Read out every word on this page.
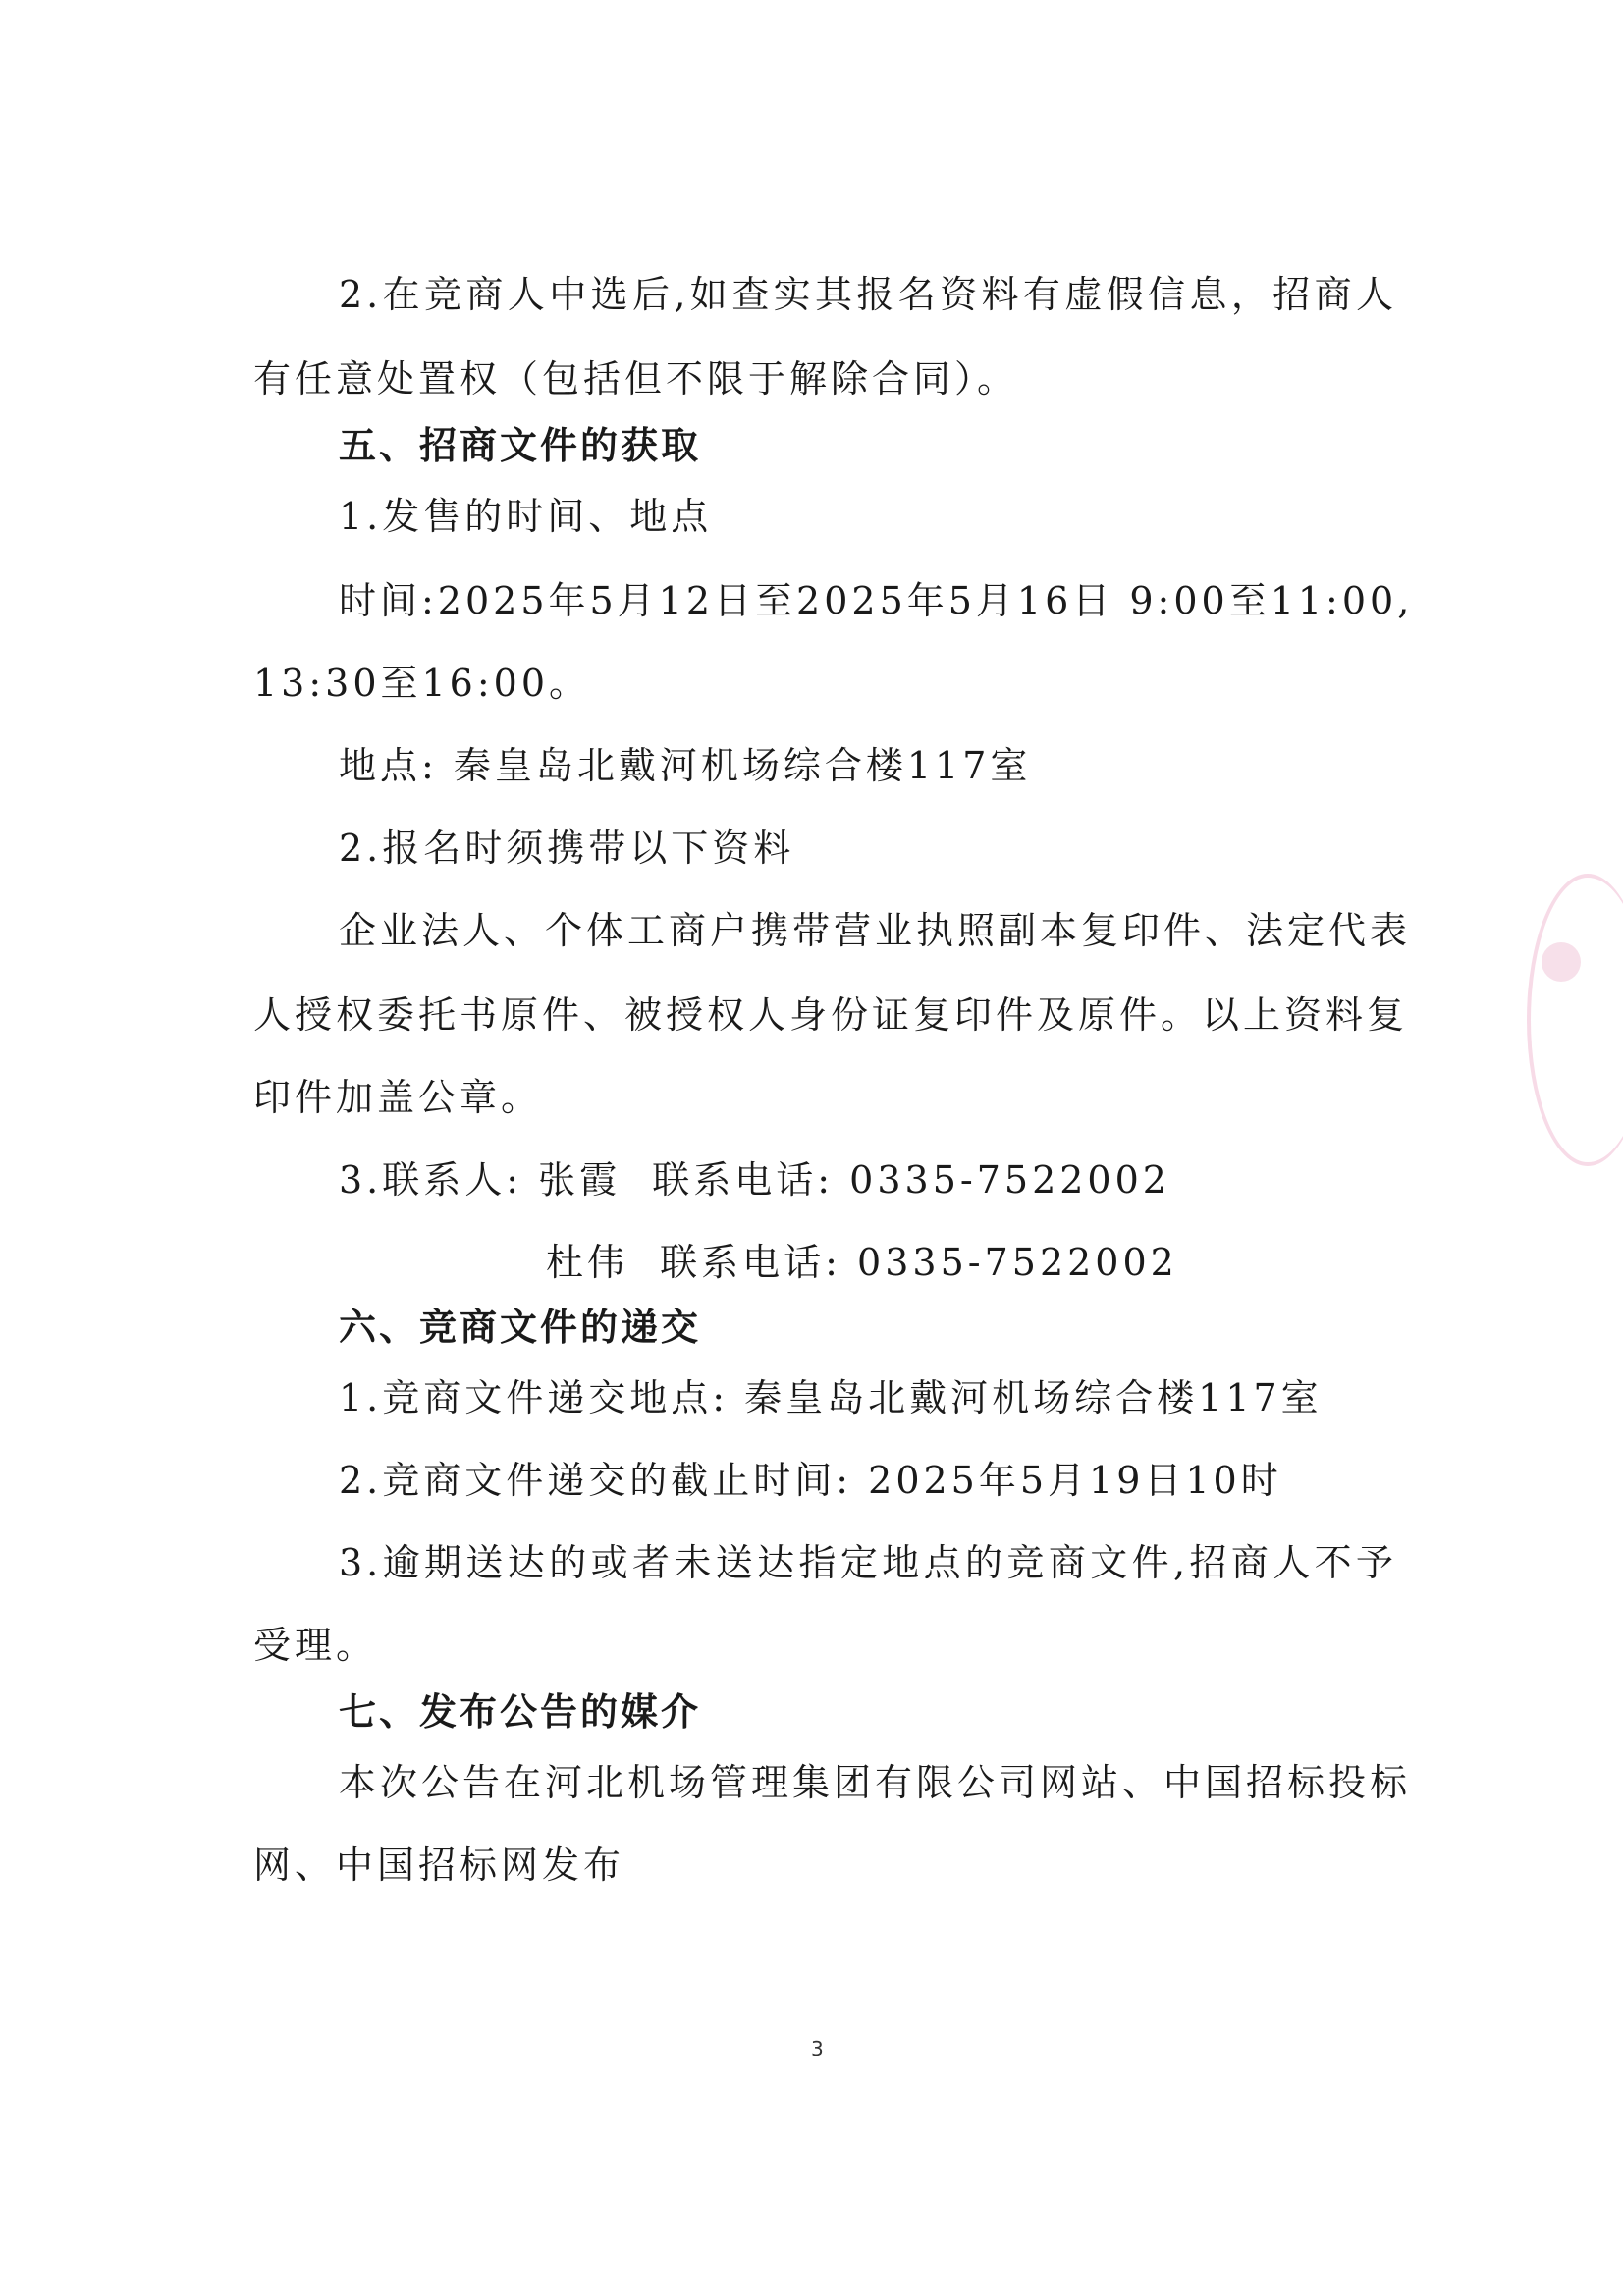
2.在竞商人中选后,如查实其报名资料有虚假信息，招商人
有任意处置权（包括但不限于解除合同）。
五、招商文件的获取
1.发售的时间、地点
时间:2025年5月12日至2025年5月16日 9:00至11:00,
13:30至16:00。
地点: 秦皇岛北戴河机场综合楼117室
2.报名时须携带以下资料
企业法人、个体工商户携带营业执照副本复印件、法定代表
人授权委托书原件、被授权人身份证复印件及原件。以上资料复
印件加盖公章。
3.联系人: 张霞  联系电话: 0335-7522002
杜伟  联系电话: 0335-7522002
六、竞商文件的递交
1.竞商文件递交地点: 秦皇岛北戴河机场综合楼117室
2.竞商文件递交的截止时间: 2025年5月19日10时
3.逾期送达的或者未送达指定地点的竞商文件,招商人不予
受理。
七、发布公告的媒介
本次公告在河北机场管理集团有限公司网站、中国招标投标
网、中国招标网发布
3
